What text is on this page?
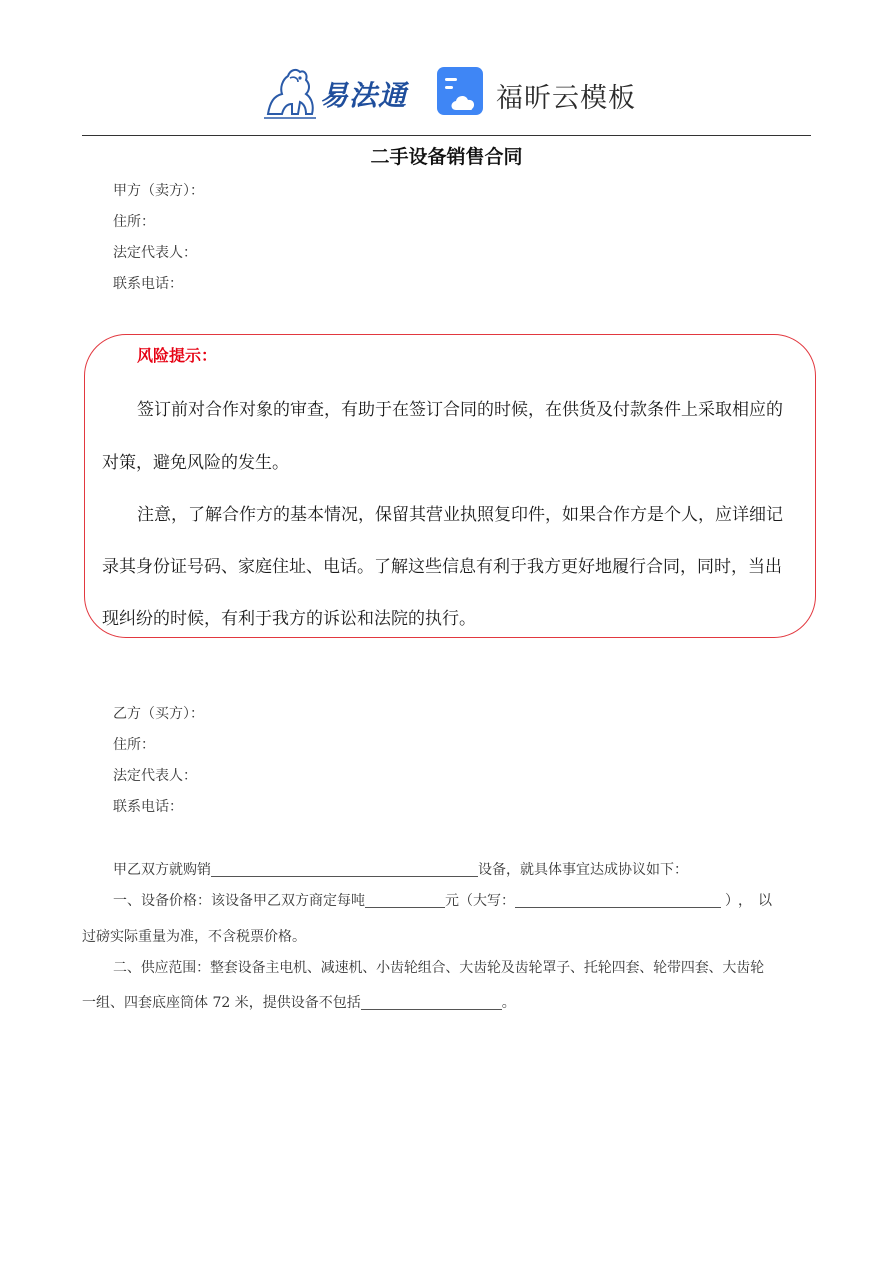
易法通	福昕云模板
二手设备销售合同
甲方（卖方）：
住所：
法定代表人：
联系电话：
风险提示：
签订前对合作对象的审查，有助于在签订合同的时候，在供货及付款条件上采取相应的
对策，避免风险的发生。
注意，了解合作方的基本情况，保留其营业执照复印件，如果合作方是个人，应详细记
录其身份证号码、家庭住址、电话。了解这些信息有利于我方更好地履行合同，同时，当出
现纠纷的时候，有利于我方的诉讼和法院的执行。
乙方（买方）：
住所：
法定代表人：
联系电话：
甲乙双方就购销	设备，就具体事宜达成协议如下：
一、设备价格：该设备甲乙双方商定每吨	元（大写：	），以
过磅实际重量为准，不含税票价格。
二、供应范围：整套设备主电机、减速机、小齿轮组合、大齿轮及齿轮罩子、托轮四套、轮带四套、大齿轮
一组、四套底座筒体 72 米，提供设备不包括	。
